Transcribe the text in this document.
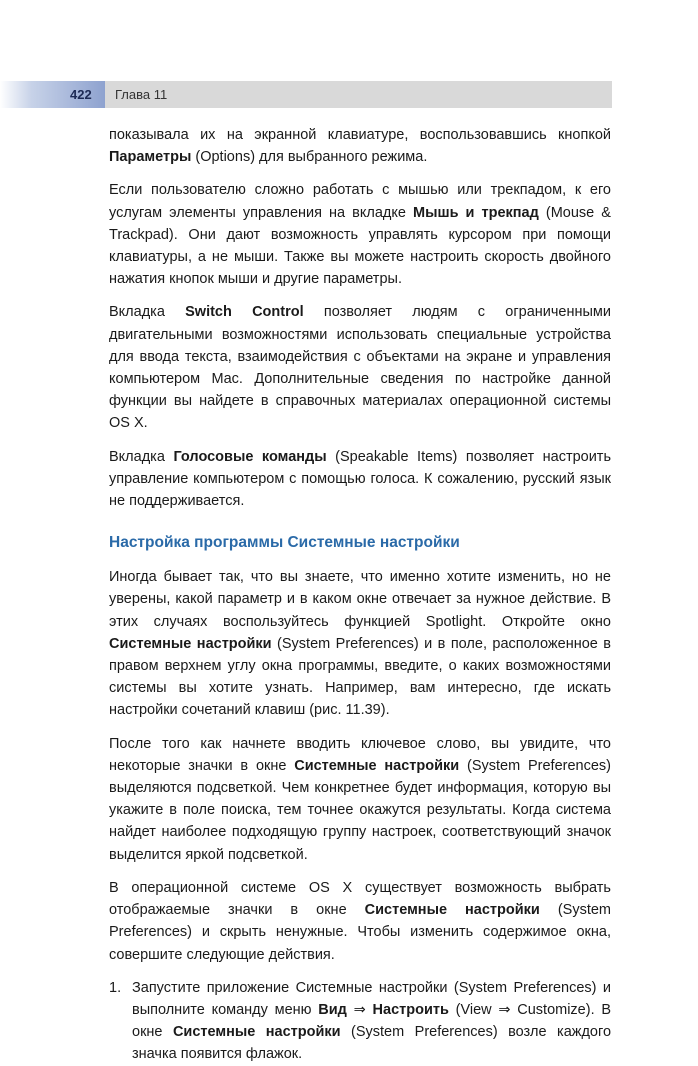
422 Глава 11

показывала их на экранной клавиатуре, воспользовавшись кнопкой Параметры (Options) для выбранного режима.

Если пользователю сложно работать с мышью или трекпадом, к его услугам элементы управления на вкладке Мышь и трекпад (Mouse & Trackpad). Они дают возможность управлять курсором при помощи клавиатуры, а не мыши. Также вы можете настроить скорость двойного нажатия кнопок мыши и другие параметры.

Вкладка Switch Control позволяет людям с ограниченными двигательными возможностями использовать специальные устройства для ввода текста, взаимодействия с объектами на экране и управления компьютером Mac. Дополнительные сведения по настройке данной функции вы найдете в справочных материалах операционной системы OS X.

Вкладка Голосовые команды (Speakable Items) позволяет настроить управление компьютером с помощью голоса. К сожалению, русский язык не поддерживается.

Настройка программы Системные настройки

Иногда бывает так, что вы знаете, что именно хотите изменить, но не уверены, какой параметр и в каком окне отвечает за нужное действие. В этих случаях воспользуйтесь функцией Spotlight. Откройте окно Системные настройки (System Preferences) и в поле, расположенное в правом верхнем углу окна программы, введите, о каких возможностями системы вы хотите узнать. Например, вам интересно, где искать настройки сочетаний клавиш (рис. 11.39).

После того как начнете вводить ключевое слово, вы увидите, что некоторые значки в окне Системные настройки (System Preferences) выделяются подсветкой. Чем конкретнее будет информация, которую вы укажите в поле поиска, тем точнее окажутся результаты. Когда система найдет наиболее подходящую группу настроек, соответствующий значок выделится яркой подсветкой.

В операционной системе OS X существует возможность выбрать отображаемые значки в окне Системные настройки (System Preferences) и скрыть ненужные. Чтобы изменить содержимое окна, совершите следующие действия.

1. Запустите приложение Системные настройки (System Preferences) и выполните команду меню Вид ⇒ Настроить (View ⇒ Customize). В окне Системные настройки (System Preferences) возле каждого значка появится флажок.
